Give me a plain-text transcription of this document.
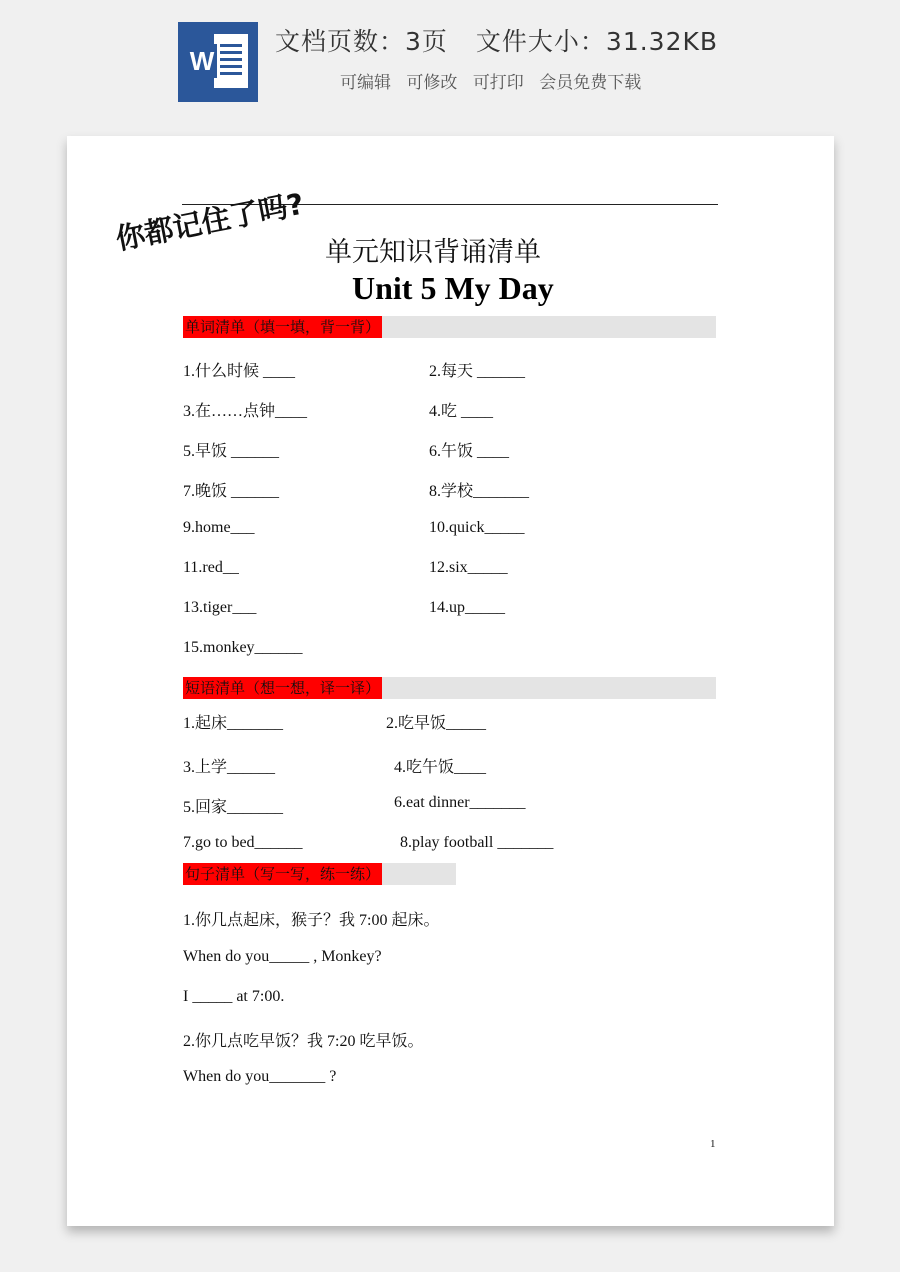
W
文档页数：3页 文件大小：31.32KB
可编辑 可修改 可打印 会员免费下载
你都记住了吗? 单元知识背诵清单
Unit 5 My Day
单词清单（填一填，背一背）
1.什么时候 ____	2.每天 ______
3.在……点钟____	4.吃 ____
5.早饭 ______	6.午饭 ____
7.晚饭 ______	8.学校_______
9.home___	10.quick_____
11.red__	12.six_____
13.tiger___	14.up_____
15.monkey______
短语清单（想一想，译一译）
1.起床_______	2.吃早饭_____
3.上学______	4.吃午饭____
5.回家_______	6.eat dinner_______
7.go to bed______	8.play football _______
句子清单（写一写，练一练）
1.你几点起床，猴子？我 7:00 起床。
When do you_____ , Monkey?
I _____ at 7:00.
2.你几点吃早饭？我 7:20 吃早饭。
When do you_______ ?
1
